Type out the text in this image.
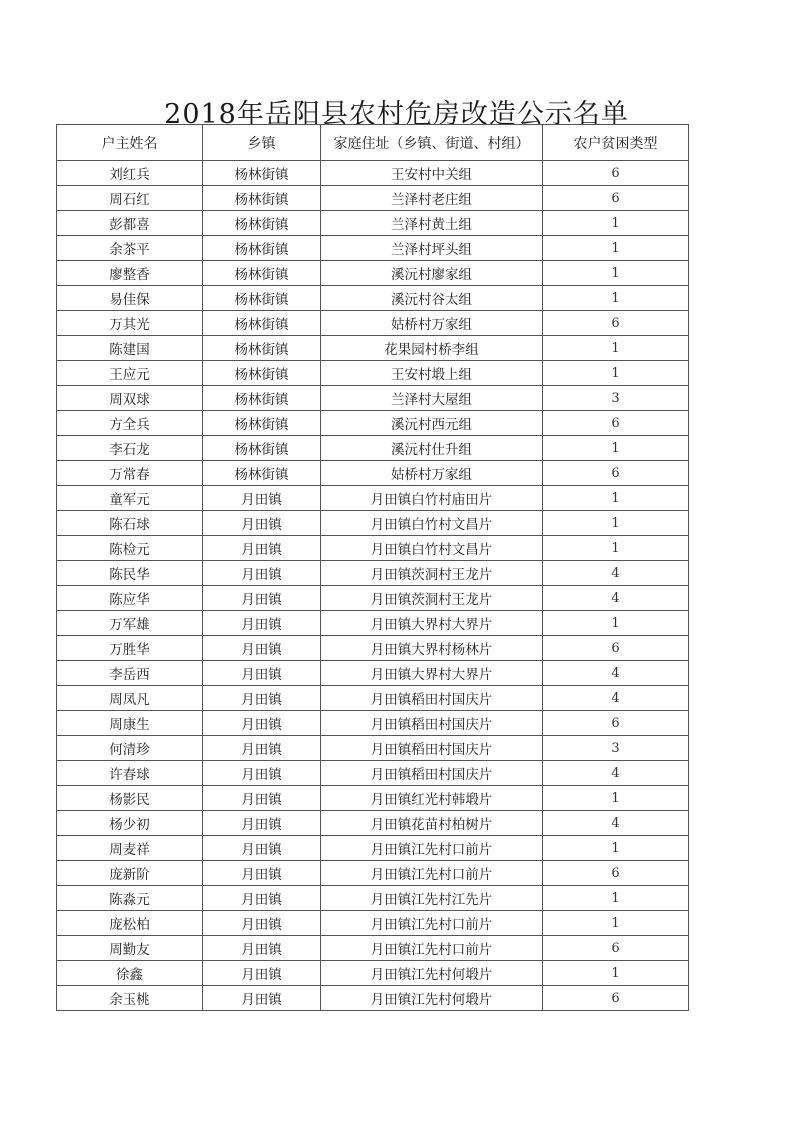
2018年岳阳县农村危房改造公示名单
户主姓名	乡镇	家庭住址（乡镇、街道、村组）	农户贫困类型
刘红兵	杨林街镇	王安村中关组	6
周石红	杨林街镇	兰泽村老庄组	6
彭都喜	杨林街镇	兰泽村黄土组	1
余茶平	杨林街镇	兰泽村坪头组	1
廖整香	杨林街镇	溪沅村廖家组	1
易佳保	杨林街镇	溪沅村谷太组	1
万其光	杨林街镇	姑桥村万家组	6
陈建国	杨林街镇	花果园村桥李组	1
王应元	杨林街镇	王安村塅上组	1
周双球	杨林街镇	兰泽村大屋组	3
方全兵	杨林街镇	溪沅村西元组	6
李石龙	杨林街镇	溪沅村仕升组	1
万常春	杨林街镇	姑桥村万家组	6
童军元	月田镇	月田镇白竹村庙田片	1
陈石球	月田镇	月田镇白竹村文昌片	1
陈检元	月田镇	月田镇白竹村文昌片	1
陈民华	月田镇	月田镇茨洞村王龙片	4
陈应华	月田镇	月田镇茨洞村王龙片	4
万军雄	月田镇	月田镇大界村大界片	1
万胜华	月田镇	月田镇大界村杨林片	6
李岳西	月田镇	月田镇大界村大界片	4
周凤凡	月田镇	月田镇稻田村国庆片	4
周康生	月田镇	月田镇稻田村国庆片	6
何清珍	月田镇	月田镇稻田村国庆片	3
许春球	月田镇	月田镇稻田村国庆片	4
杨影民	月田镇	月田镇红光村韩塅片	1
杨少初	月田镇	月田镇花苗村柏树片	4
周麦祥	月田镇	月田镇江先村口前片	1
庞新阶	月田镇	月田镇江先村口前片	6
陈淼元	月田镇	月田镇江先村江先片	1
庞松柏	月田镇	月田镇江先村口前片	1
周勤友	月田镇	月田镇江先村口前片	6
徐鑫	月田镇	月田镇江先村何塅片	1
余玉桃	月田镇	月田镇江先村何塅片	6
